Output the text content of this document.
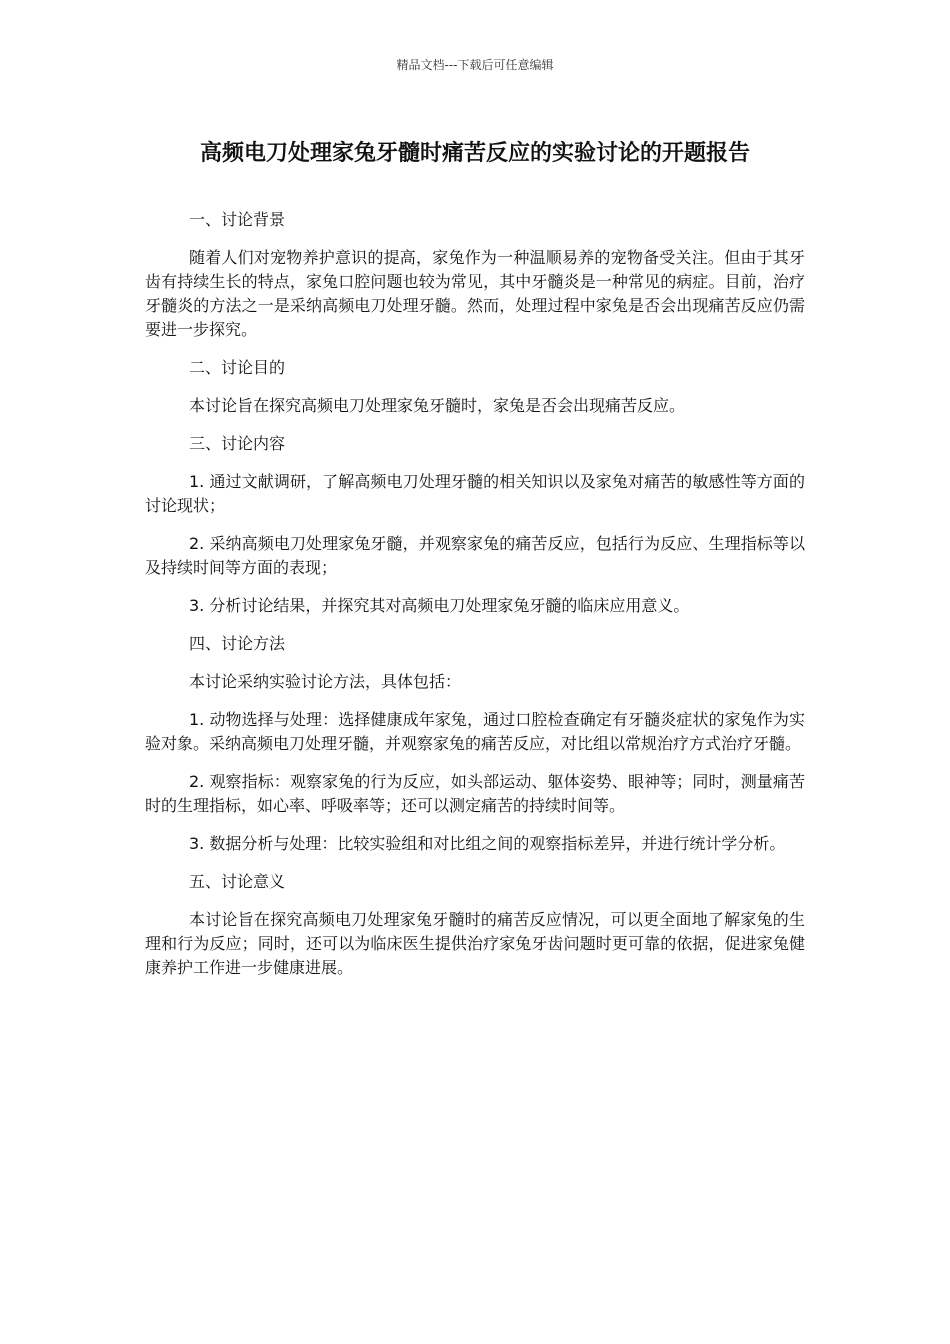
精品文档---下载后可任意编辑
高频电刀处理家兔牙髓时痛苦反应的实验讨论的开题报告

一、讨论背景

随着人们对宠物养护意识的提高，家兔作为一种温顺易养的宠物备受关注。但由于其牙齿有持续生长的特点，家兔口腔问题也较为常见，其中牙髓炎是一种常见的病症。目前，治疗牙髓炎的方法之一是采纳高频电刀处理牙髓。然而，处理过程中家兔是否会出现痛苦反应仍需要进一步探究。

二、讨论目的

本讨论旨在探究高频电刀处理家兔牙髓时，家兔是否会出现痛苦反应。

三、讨论内容

1. 通过文献调研，了解高频电刀处理牙髓的相关知识以及家兔对痛苦的敏感性等方面的讨论现状；

2. 采纳高频电刀处理家兔牙髓，并观察家兔的痛苦反应，包括行为反应、生理指标等以及持续时间等方面的表现；

3. 分析讨论结果，并探究其对高频电刀处理家兔牙髓的临床应用意义。

四、讨论方法

本讨论采纳实验讨论方法，具体包括：

1. 动物选择与处理：选择健康成年家兔，通过口腔检查确定有牙髓炎症状的家兔作为实验对象。采纳高频电刀处理牙髓，并观察家兔的痛苦反应，对比组以常规治疗方式治疗牙髓。

2. 观察指标：观察家兔的行为反应，如头部运动、躯体姿势、眼神等；同时，测量痛苦时的生理指标，如心率、呼吸率等；还可以测定痛苦的持续时间等。

3. 数据分析与处理：比较实验组和对比组之间的观察指标差异，并进行统计学分析。

五、讨论意义

本讨论旨在探究高频电刀处理家兔牙髓时的痛苦反应情况，可以更全面地了解家兔的生理和行为反应；同时，还可以为临床医生提供治疗家兔牙齿问题时更可靠的依据，促进家兔健康养护工作进一步健康进展。
